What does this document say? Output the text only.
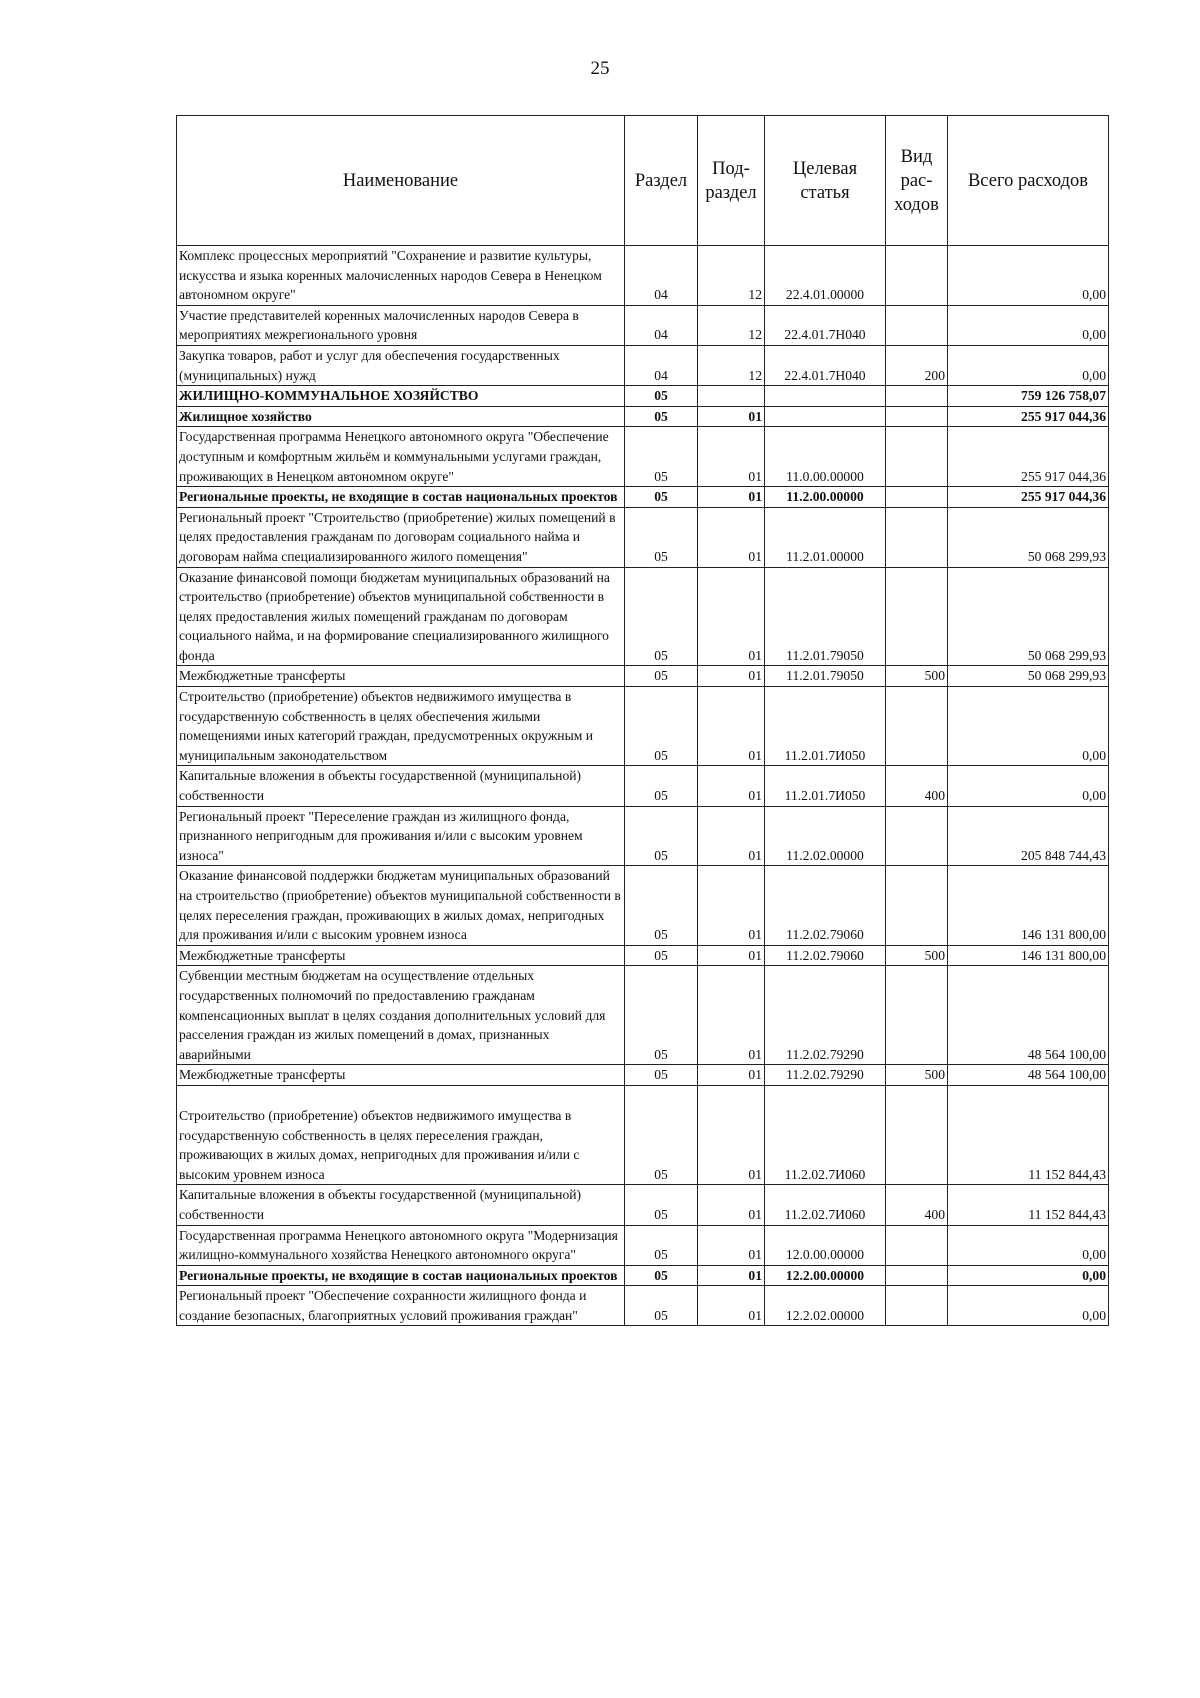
25
Наименование	Раздел	Под-раздел	Целевая статья	Вид рас-ходов	Всего расходов
Комплекс процессных мероприятий "Сохранение и развитие культуры, искусства и языка коренных малочисленных народов Севера в Ненецком автономном округе"	04	12	22.4.01.00000		0,00
Участие представителей коренных малочисленных народов Севера в мероприятиях межрегионального уровня	04	12	22.4.01.7Н040		0,00
Закупка товаров, работ и услуг для обеспечения государственных (муниципальных) нужд	04	12	22.4.01.7Н040	200	0,00
ЖИЛИЩНО-КОММУНАЛЬНОЕ ХОЗЯЙСТВО	05				759 126 758,07
Жилищное хозяйство	05	01			255 917 044,36
Государственная программа Ненецкого автономного округа "Обеспечение доступным и комфортным жильём и коммунальными услугами граждан, проживающих в Ненецком автономном округе"	05	01	11.0.00.00000		255 917 044,36
Региональные проекты, не входящие в состав национальных проектов	05	01	11.2.00.00000		255 917 044,36
Региональный проект "Строительство (приобретение) жилых помещений в целях предоставления гражданам по договорам социального найма и договорам найма специализированного жилого помещения"	05	01	11.2.01.00000		50 068 299,93
Оказание финансовой помощи бюджетам муниципальных образований на строительство (приобретение) объектов муниципальной собственности в целях предоставления жилых помещений гражданам по договорам социального найма, и на формирование специализированного жилищного фонда	05	01	11.2.01.79050		50 068 299,93
Межбюджетные трансферты	05	01	11.2.01.79050	500	50 068 299,93
Строительство (приобретение) объектов недвижимого имущества в государственную собственность в целях обеспечения жилыми помещениями иных категорий граждан, предусмотренных окружным и муниципальным законодательством	05	01	11.2.01.7И050		0,00
Капитальные вложения в объекты государственной (муниципальной) собственности	05	01	11.2.01.7И050	400	0,00
Региональный проект "Переселение граждан из жилищного фонда, признанного непригодным для проживания и/или с высоким уровнем износа"	05	01	11.2.02.00000		205 848 744,43
Оказание финансовой поддержки бюджетам муниципальных образований на строительство (приобретение) объектов муниципальной собственности в целях переселения граждан, проживающих в жилых домах, непригодных для проживания и/или с высоким уровнем износа	05	01	11.2.02.79060		146 131 800,00
Межбюджетные трансферты	05	01	11.2.02.79060	500	146 131 800,00
Субвенции местным бюджетам на осуществление отдельных государственных полномочий по предоставлению гражданам компенсационных выплат в целях создания дополнительных условий для расселения граждан из жилых помещений в домах, признанных аварийными	05	01	11.2.02.79290		48 564 100,00
Межбюджетные трансферты	05	01	11.2.02.79290	500	48 564 100,00
Строительство (приобретение) объектов недвижимого имущества в государственную собственность в целях переселения граждан, проживающих в жилых домах, непригодных для проживания и/или с высоким уровнем износа	05	01	11.2.02.7И060		11 152 844,43
Капитальные вложения в объекты государственной (муниципальной) собственности	05	01	11.2.02.7И060	400	11 152 844,43
Государственная программа Ненецкого автономного округа "Модернизация жилищно-коммунального хозяйства Ненецкого автономного округа"	05	01	12.0.00.00000		0,00
Региональные проекты, не входящие в состав национальных проектов	05	01	12.2.00.00000		0,00
Региональный проект "Обеспечение сохранности жилищного фонда и создание безопасных, благоприятных условий проживания граждан"	05	01	12.2.02.00000		0,00
